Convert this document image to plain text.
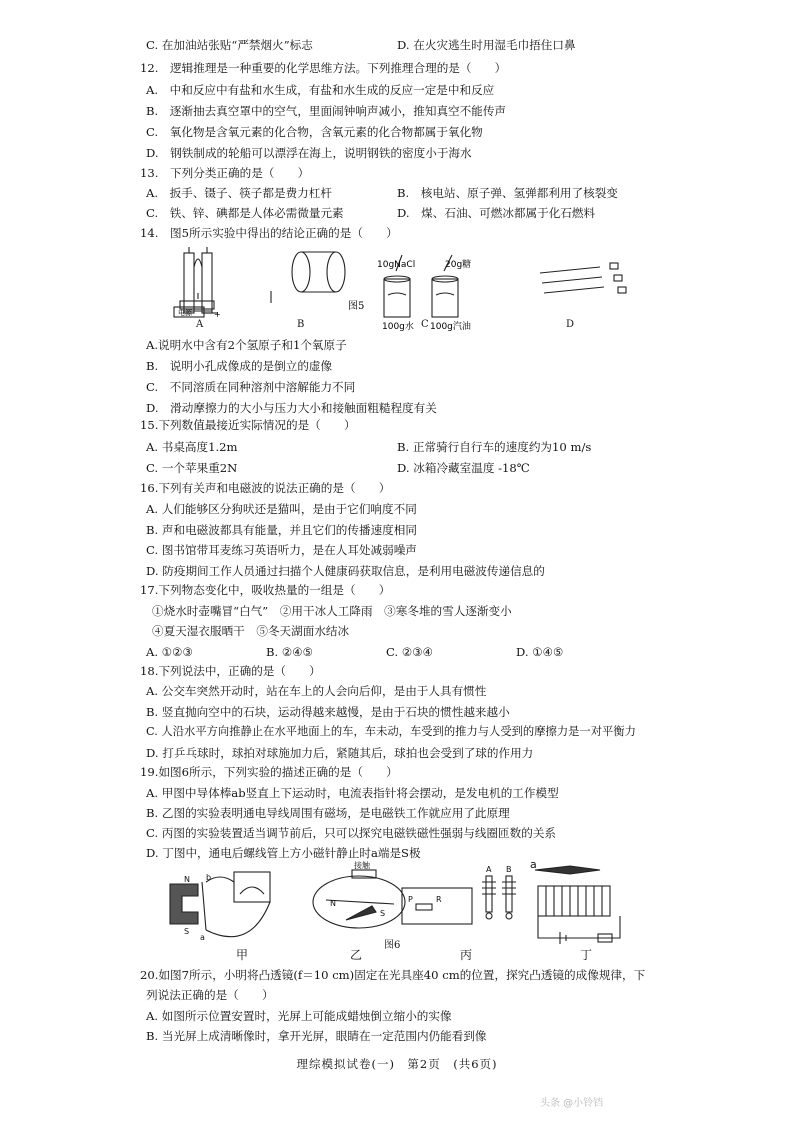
C. 在加油站张贴“严禁烟火”标志	D. 在火灾逃生时用湿毛巾捂住口鼻
12.　逻辑推理是一种重要的化学思维方法。下列推理合理的是（　　）
A.　中和反应中有盐和水生成，有盐和水生成的反应一定是中和反应
B.　逐渐抽去真空罩中的空气，里面闹钟响声减小，推知真空不能传声
C.　氧化物是含氧元素的化合物，含氧元素的化合物都属于氧化物
D.　钢铁制成的轮船可以漂浮在海上，说明钢铁的密度小于海水
13.　下列分类正确的是（　　）
A.　扳手、镊子、筷子都是费力杠杆	B.　核电站、原子弹、氢弹都利用了核裂变
C.　铁、锌、碘都是人体必需微量元素	D.　煤、石油、可燃冰都属于化石燃料
14.　图5所示实验中得出的结论正确的是（　　）
10gNaCl	20g糖
100g水 100g汽油
电源	+
图5
A	B	C	D
A.说明水中含有2个氢原子和1个氧原子
B.　说明小孔成像成的是倒立的虚像
C.　不同溶质在同种溶剂中溶解能力不同
D.　滑动摩擦力的大小与压力大小和接触面粗糙程度有关
15.下列数值最接近实际情况的是（　　）
A. 书桌高度1.2m	B. 正常骑行自行车的速度约为10 m/s
C. 一个苹果重2N	D. 冰箱冷藏室温度 -18℃
16.下列有关声和电磁波的说法正确的是（　　）
A. 人们能够区分狗吠还是猫叫，是由于它们响度不同
B. 声和电磁波都具有能量，并且它们的传播速度相同
C. 图书馆带耳麦练习英语听力，是在人耳处减弱噪声
D. 防疫期间工作人员通过扫描个人健康码获取信息，是利用电磁波传递信息的
17.下列物态变化中，吸收热量的一组是（　　）
①烧水时壶嘴冒“白气”　②用干冰人工降雨　③寒冬堆的雪人逐渐变小
④夏天湿衣服晒干　⑤冬天湖面水结冰
A. ①②③	B. ②④⑤	C. ②③④	D. ①④⑤
18.下列说法中，正确的是（　　）
A. 公交车突然开动时，站在车上的人会向后仰，是由于人具有惯性
B. 竖直抛向空中的石块，运动得越来越慢，是由于石块的惯性越来越小
C. 人沿水平方向推静止在水平地面上的车，车未动，车受到的推力与人受到的摩擦力是一对平衡力
D. 打乒乓球时，球拍对球施加力后，紧随其后，球拍也会受到了球的作用力
19.如图6所示，下列实验的描述正确的是（　　）
A. 甲图中导体棒ab竖直上下运动时，电流表指针将会摆动，是发电机的工作模型
B. 乙图的实验表明通电导线周围有磁场，是电磁铁工作就应用了此原理
C. 丙图的实验装置适当调节前后，只可以探究电磁铁磁性强弱与线圈匝数的关系
D. 丁图中，通电后螺线管上方小磁针静止时a端是S极
N
S
a
b
接触
N
S
A B
P	R
a
图6
甲	乙	丙	丁
20.如图7所示，小明将凸透镜(f＝10 cm)固定在光具座40 cm的位置，探究凸透镜的成像规律，下
列说法正确的是（　　）
A. 如图所示位置安置时，光屏上可能成蜡烛倒立缩小的实像
B. 当光屏上成清晰像时，拿开光屏，眼睛在一定范围内仍能看到像
理综模拟试卷(一)　第2页　(共6页)
头条 @小铃铛
